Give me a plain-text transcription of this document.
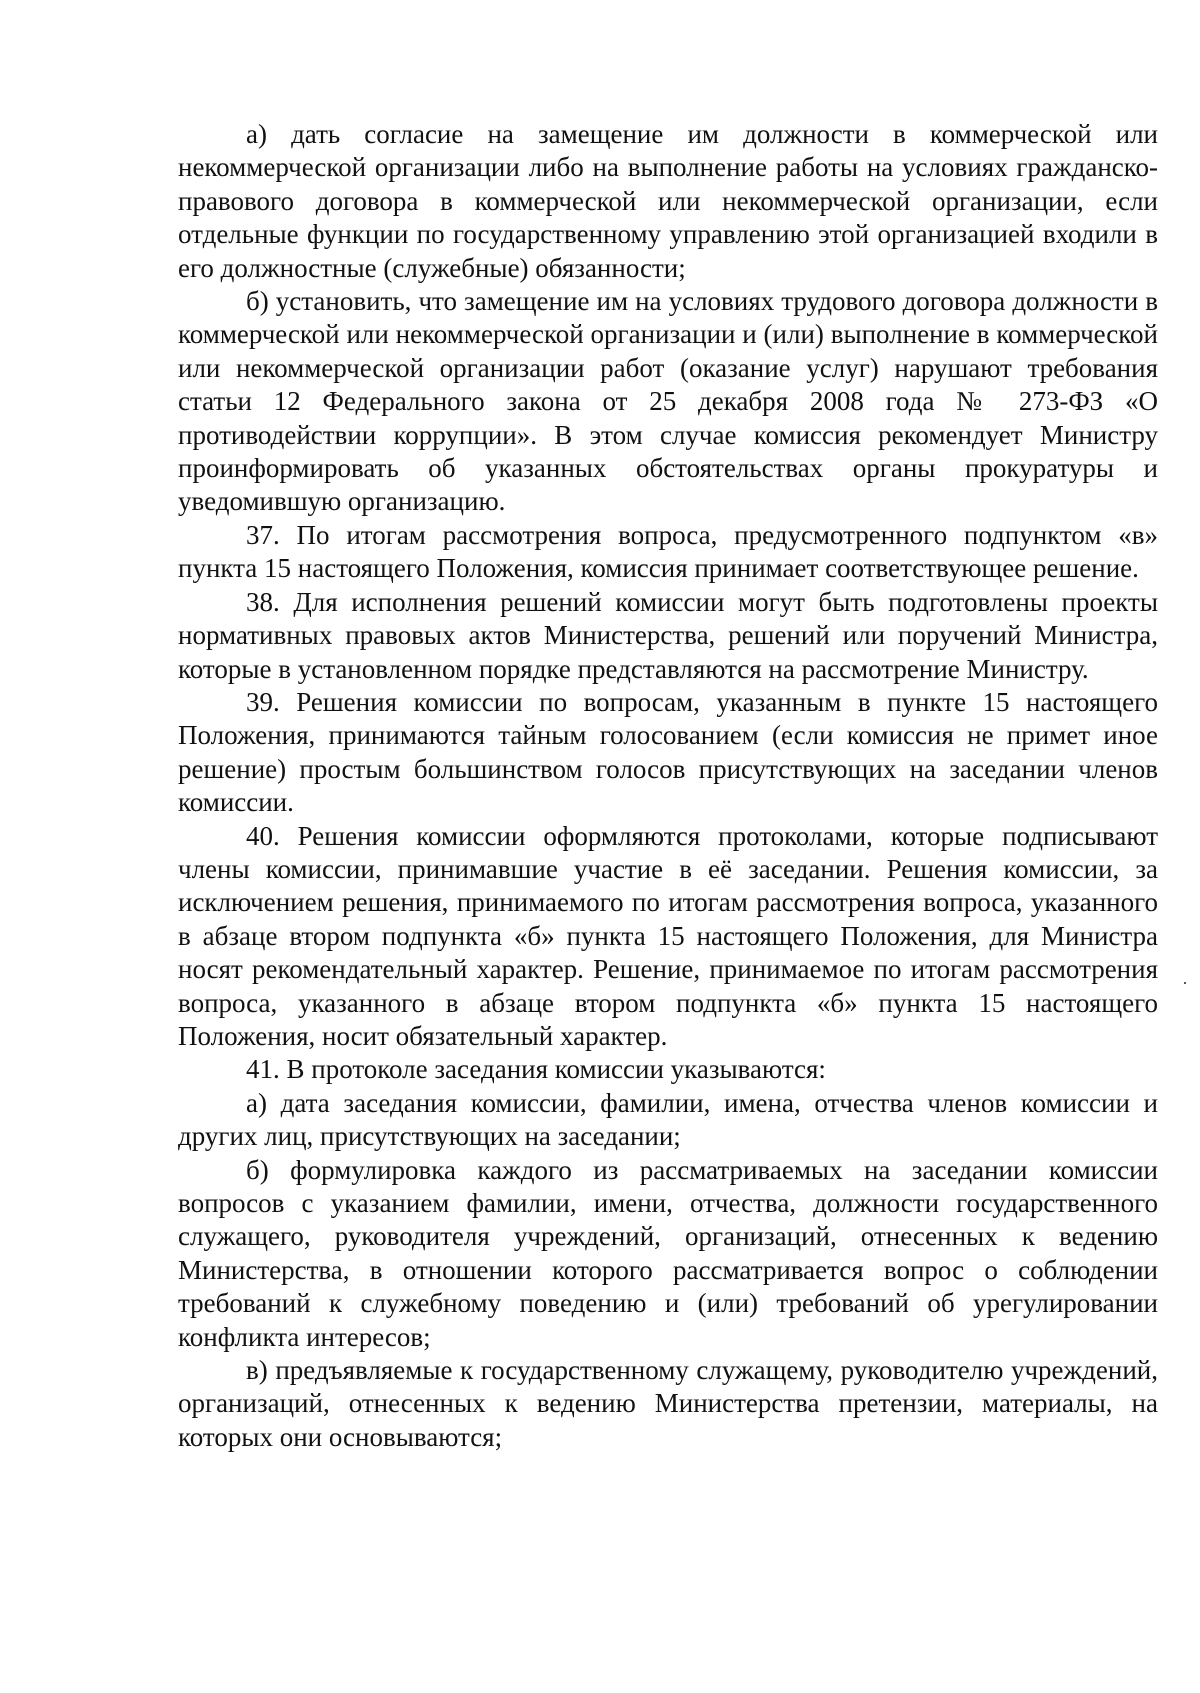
а) дать согласие на замещение им должности в коммерческой или некоммерческой организации либо на выполнение работы на условиях гражданско-правового договора в коммерческой или некоммерческой организации, если отдельные функции по государственному управлению этой организацией входили в его должностные (служебные) обязанности;

б) установить, что замещение им на условиях трудового договора должности в коммерческой или некоммерческой организации и (или) выполнение в коммерческой или некоммерческой организации работ (оказание услуг) нарушают требования статьи 12 Федерального закона от 25 декабря 2008 года № 273-ФЗ «О противодействии коррупции». В этом случае комиссия рекомендует Министру проинформировать об указанных обстоятельствах органы прокуратуры и уведомившую организацию.

37. По итогам рассмотрения вопроса, предусмотренного подпунктом «в» пункта 15 настоящего Положения, комиссия принимает соответствующее решение.

38. Для исполнения решений комиссии могут быть подготовлены проекты нормативных правовых актов Министерства, решений или поручений Министра, которые в установленном порядке представляются на рассмотрение Министру.

39. Решения комиссии по вопросам, указанным в пункте 15 настоящего Положения, принимаются тайным голосованием (если комиссия не примет иное решение) простым большинством голосов присутствующих на заседании членов комиссии.

40. Решения комиссии оформляются протоколами, которые подписывают члены комиссии, принимавшие участие в её заседании. Решения комиссии, за исключением решения, принимаемого по итогам рассмотрения вопроса, указанного в абзаце втором подпункта «б» пункта 15 настоящего Положения, для Министра носят рекомендательный характер. Решение, принимаемое по итогам рассмотрения вопроса, указанного в абзаце втором подпункта «б» пункта 15 настоящего Положения, носит обязательный характер.

41. В протоколе заседания комиссии указываются:

а) дата заседания комиссии, фамилии, имена, отчества членов комиссии и других лиц, присутствующих на заседании;

б) формулировка каждого из рассматриваемых на заседании комиссии вопросов с указанием фамилии, имени, отчества, должности государственного служащего, руководителя учреждений, организаций, отнесенных к ведению Министерства, в отношении которого рассматривается вопрос о соблюдении требований к служебному поведению и (или) требований об урегулировании конфликта интересов;

в) предъявляемые к государственному служащему, руководителю учреждений, организаций, отнесенных к ведению Министерства претензии, материалы, на которых они основываются;
